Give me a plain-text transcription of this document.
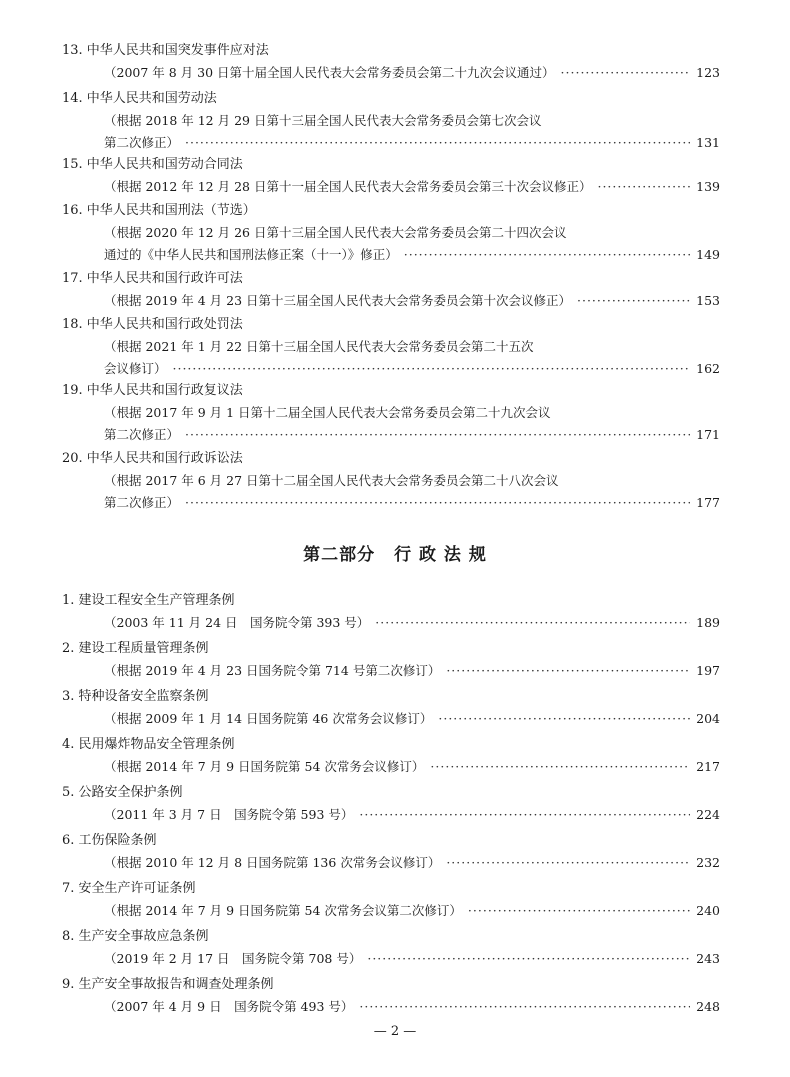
13. 中华人民共和国突发事件应对法
（2007 年 8 月 30 日第十届全国人民代表大会常务委员会第二十九次会议通过） ·····	123
14. 中华人民共和国劳动法
（根据 2018 年 12 月 29 日第十三届全国人民代表大会常务委员会第七次会议
第二次修正） ·····	131
15. 中华人民共和国劳动合同法
（根据 2012 年 12 月 28 日第十一届全国人民代表大会常务委员会第三十次会议修正） ·····	139
16. 中华人民共和国刑法（节选）
（根据 2020 年 12 月 26 日第十三届全国人民代表大会常务委员会第二十四次会议
通过的《中华人民共和国刑法修正案（十一）》修正） ·····	149
17. 中华人民共和国行政许可法
（根据 2019 年 4 月 23 日第十三届全国人民代表大会常务委员会第十次会议修正） ·····	153
18. 中华人民共和国行政处罚法
（根据 2021 年 1 月 22 日第十三届全国人民代表大会常务委员会第二十五次
会议修订） ·····	162
19. 中华人民共和国行政复议法
（根据 2017 年 9 月 1 日第十二届全国人民代表大会常务委员会第二十九次会议
第二次修正） ·····	171
20. 中华人民共和国行政诉讼法
（根据 2017 年 6 月 27 日第十二届全国人民代表大会常务委员会第二十八次会议
第二次修正） ·····	177
第二部分 行 政 法 规
1. 建设工程安全生产管理条例
（2003 年 11 月 24 日　国务院令第 393 号） ·····	189
2. 建设工程质量管理条例
（根据 2019 年 4 月 23 日国务院令第 714 号第二次修订） ·····	197
3. 特种设备安全监察条例
（根据 2009 年 1 月 14 日国务院第 46 次常务会议修订） ·····	204
4. 民用爆炸物品安全管理条例
（根据 2014 年 7 月 9 日国务院第 54 次常务会议修订） ·····	217
5. 公路安全保护条例
（2011 年 3 月 7 日　国务院令第 593 号） ·····	224
6. 工伤保险条例
（根据 2010 年 12 月 8 日国务院第 136 次常务会议修订） ·····	232
7. 安全生产许可证条例
（根据 2014 年 7 月 9 日国务院第 54 次常务会议第二次修订） ·····	240
8. 生产安全事故应急条例
（2019 年 2 月 17 日　国务院令第 708 号） ·····	243
9. 生产安全事故报告和调查处理条例
（2007 年 4 月 9 日　国务院令第 493 号） ·····	248
— 2 —
